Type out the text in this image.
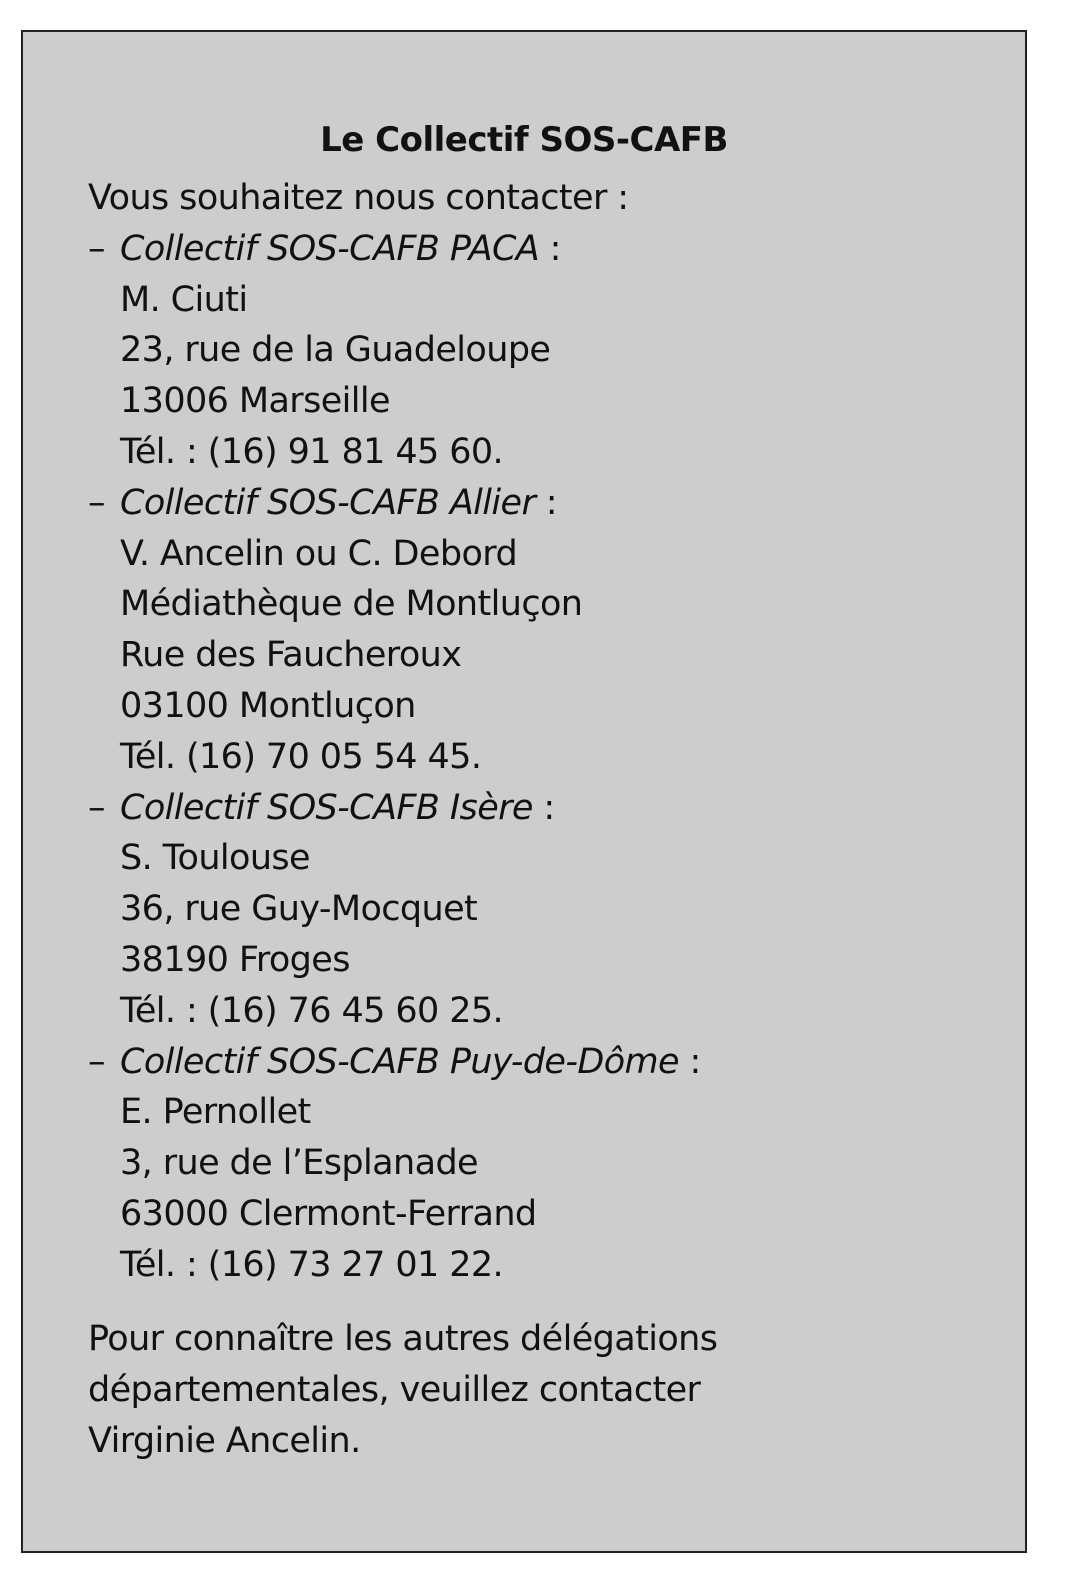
Le Collectif SOS-CAFB
Vous souhaitez nous contacter :
– Collectif SOS-CAFB PACA :
M. Ciuti
23, rue de la Guadeloupe
13006 Marseille
Tél. : (16) 91 81 45 60.
– Collectif SOS-CAFB Allier :
V. Ancelin ou C. Debord
Médiathèque de Montluçon
Rue des Faucheroux
03100 Montluçon
Tél. (16) 70 05 54 45.
– Collectif SOS-CAFB Isère :
S. Toulouse
36, rue Guy-Mocquet
38190 Froges
Tél. : (16) 76 45 60 25.
– Collectif SOS-CAFB Puy-de-Dôme :
E. Pernollet
3, rue de l’Esplanade
63000 Clermont-Ferrand
Tél. : (16) 73 27 01 22.
Pour connaître les autres délégations
départementales, veuillez contacter
Virginie Ancelin.
